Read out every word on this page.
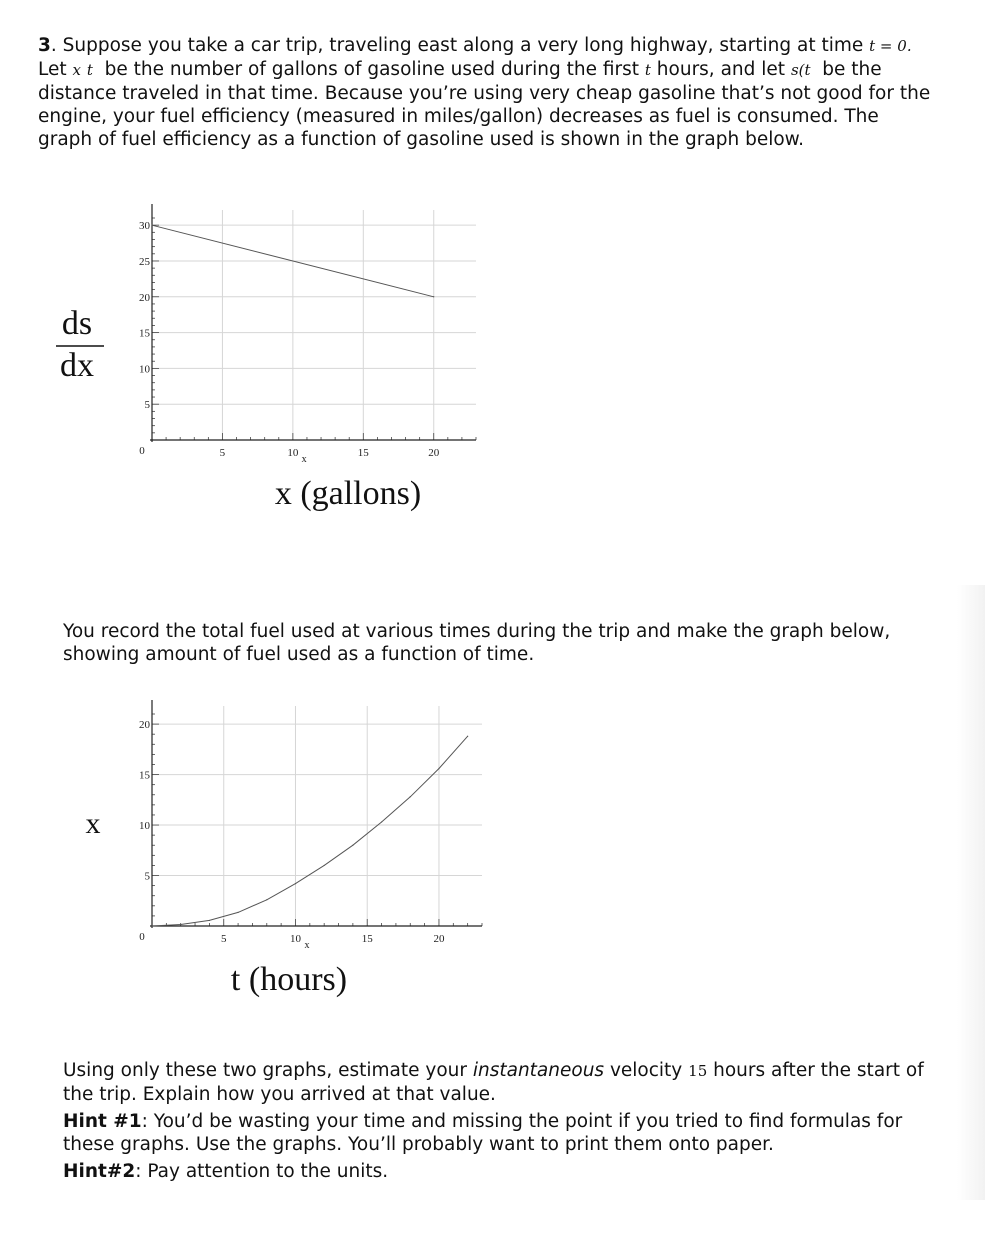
3. Suppose you take a car trip, traveling east along a very long highway, starting at time t = 0.
Let x t be the number of gallons of gasoline used during the first t hours, and let s(t be the
distance traveled in that time. Because you’re using very cheap gasoline that’s not good for the
engine, your fuel efficiency (measured in miles/gallon) decreases as fuel is consumed. The
graph of fuel efficiency as a function of gasoline used is shown in the graph below.
5
10
15
20
25
30
5	10	15	20
0
x
x (gallons)
ds
dx
You record the total fuel used at various times during the trip and make the graph below,
showing amount of fuel used as a function of time.
5
10
15
20
5	10	15	20
0
x
t (hours)
x
Using only these two graphs, estimate your instantaneous velocity 15 hours after the start of
the trip. Explain how you arrived at that value.
Hint #1: You’d be wasting your time and missing the point if you tried to find formulas for
these graphs. Use the graphs. You’ll probably want to print them onto paper.
Hint#2: Pay attention to the units.
